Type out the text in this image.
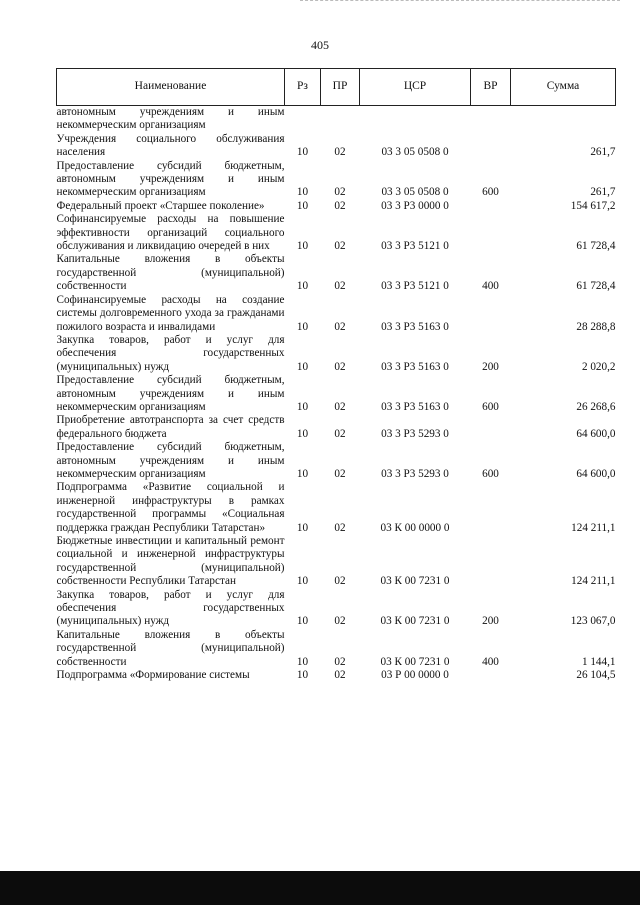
405
Наименование	Рз	ПР	ЦСР	ВР	Сумма
автономным учреждениям и иным некоммерческим организациям					
Учреждения социального обслуживания населения	10	02	03 3 05 0508 0		261,7
Предоставление субсидий бюджетным, автономным учреждениям и иным некоммерческим организациям	10	02	03 3 05 0508 0	600	261,7
Федеральный проект «Старшее поколение»	10	02	03 3 Р3 0000 0		154 617,2
Софинансируемые расходы на повышение эффективности организаций социального обслуживания и ликвидацию очередей в них	10	02	03 3 Р3 5121 0		61 728,4
Капитальные вложения в объекты государственной (муниципальной) собственности	10	02	03 3 Р3 5121 0	400	61 728,4
Софинансируемые расходы на создание системы долговременного ухода за гражданами пожилого возраста и инвалидами	10	02	03 3 Р3 5163 0		28 288,8
Закупка товаров, работ и услуг для обеспечения государственных (муниципальных) нужд	10	02	03 3 Р3 5163 0	200	2 020,2
Предоставление субсидий бюджетным, автономным учреждениям и иным некоммерческим организациям	10	02	03 3 Р3 5163 0	600	26 268,6
Приобретение автотранспорта за счет средств федерального бюджета	10	02	03 3 Р3 5293 0		64 600,0
Предоставление субсидий бюджетным, автономным учреждениям и иным некоммерческим организациям	10	02	03 3 Р3 5293 0	600	64 600,0
Подпрограмма «Развитие социальной и инженерной инфраструктуры в рамках государственной программы «Социальная поддержка граждан Республики Татарстан»	10	02	03 К 00 0000 0		124 211,1
Бюджетные инвестиции и капитальный ремонт социальной и инженерной инфраструктуры государственной (муниципальной) собственности Республики Татарстан	10	02	03 К 00 7231 0		124 211,1
Закупка товаров, работ и услуг для обеспечения государственных (муниципальных) нужд	10	02	03 К 00 7231 0	200	123 067,0
Капитальные вложения в объекты государственной (муниципальной) собственности	10	02	03 К 00 7231 0	400	1 144,1
Подпрограмма «Формирование системы	10	02	03 Р 00 0000 0		26 104,5
